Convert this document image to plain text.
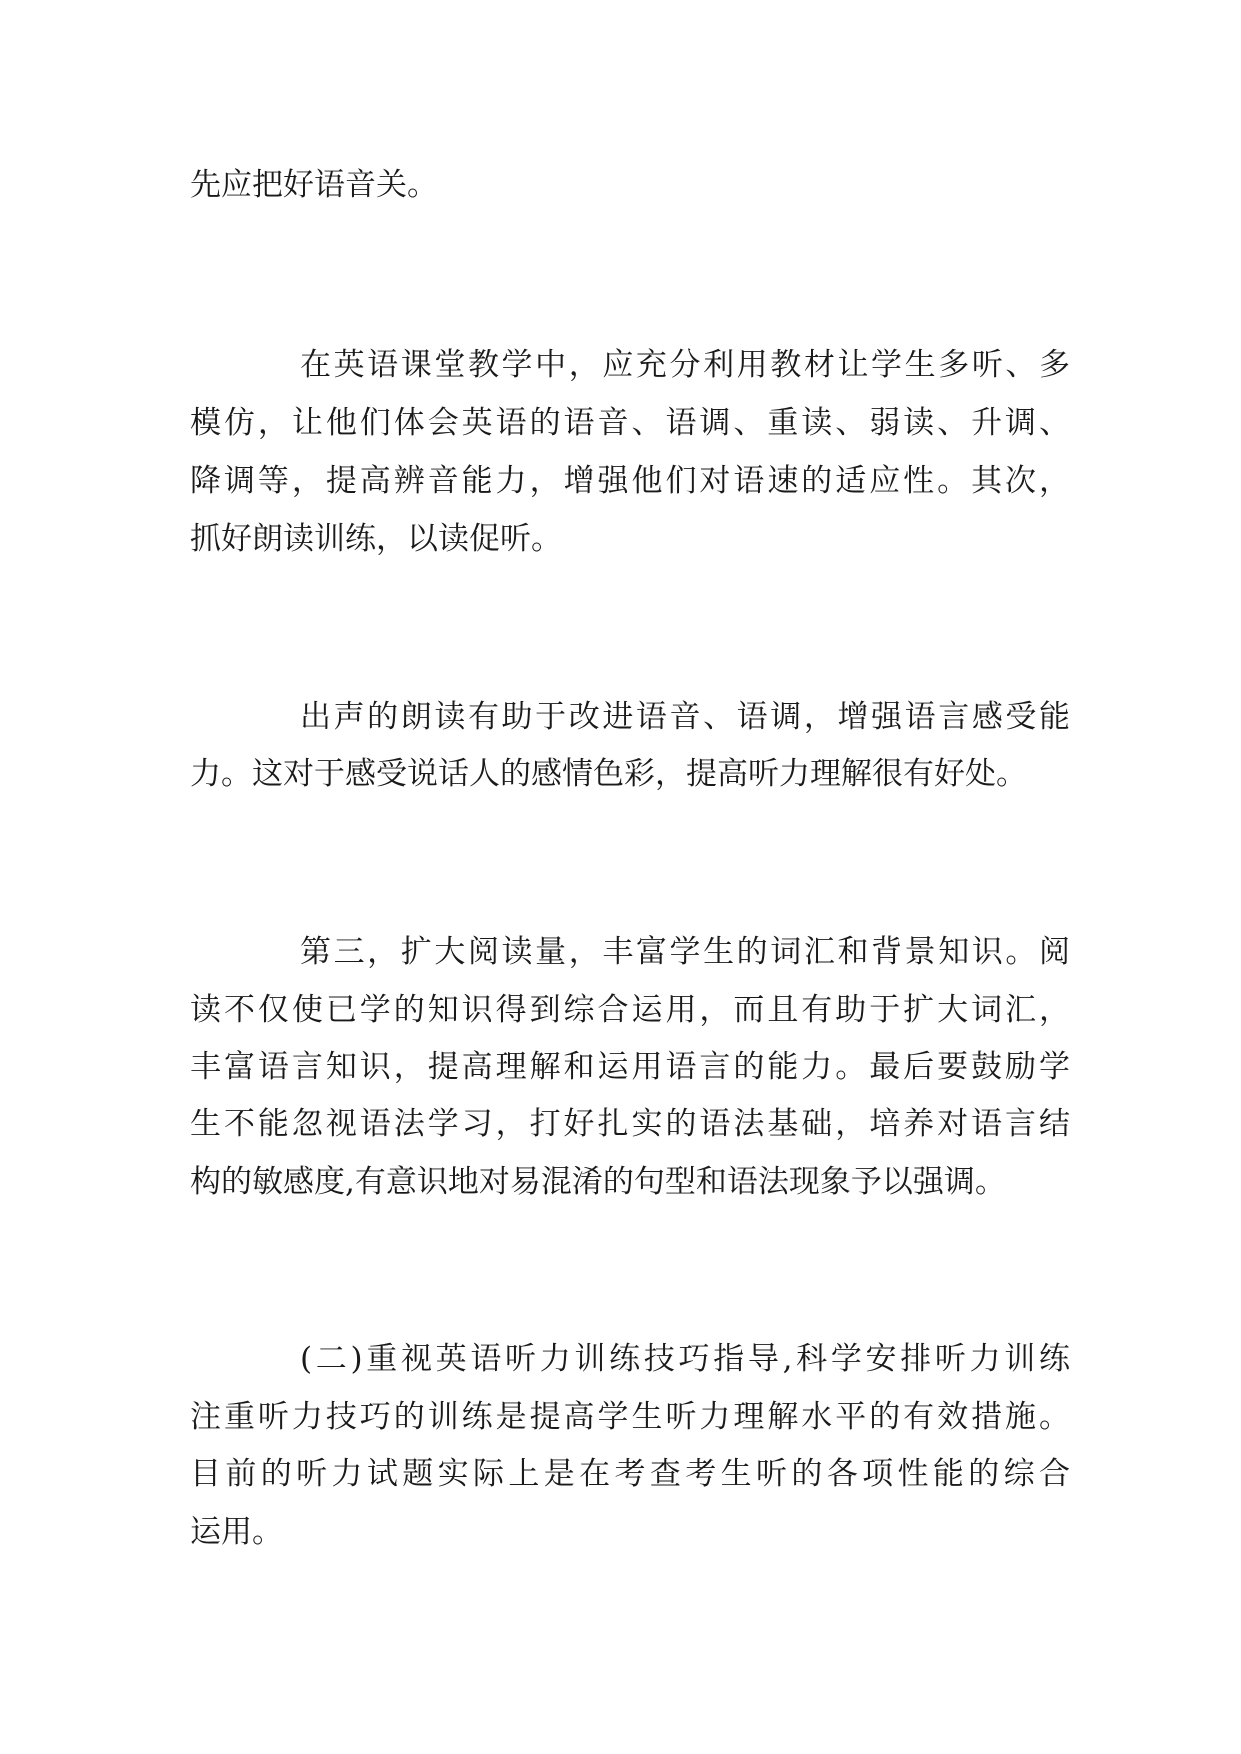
先应把好语音关。
在英语课堂教学中，应充分利用教材让学生多听、多
模仿，让他们体会英语的语音、语调、重读、弱读、升调、
降调等，提高辨音能力，增强他们对语速的适应性。其次，
抓好朗读训练，以读促听。
出声的朗读有助于改进语音、语调，增强语言感受能
力。这对于感受说话人的感情色彩，提高听力理解很有好处。
第三，扩大阅读量，丰富学生的词汇和背景知识。阅
读不仅使已学的知识得到综合运用，而且有助于扩大词汇，
丰富语言知识，提高理解和运用语言的能力。最后要鼓励学
生不能忽视语法学习，打好扎实的语法基础，培养对语言结
构的敏感度,有意识地对易混淆的句型和语法现象予以强调。
(二)重视英语听力训练技巧指导,科学安排听力训练
注重听力技巧的训练是提高学生听力理解水平的有效措施。
目前的听力试题实际上是在考查考生听的各项性能的综合
运用。
